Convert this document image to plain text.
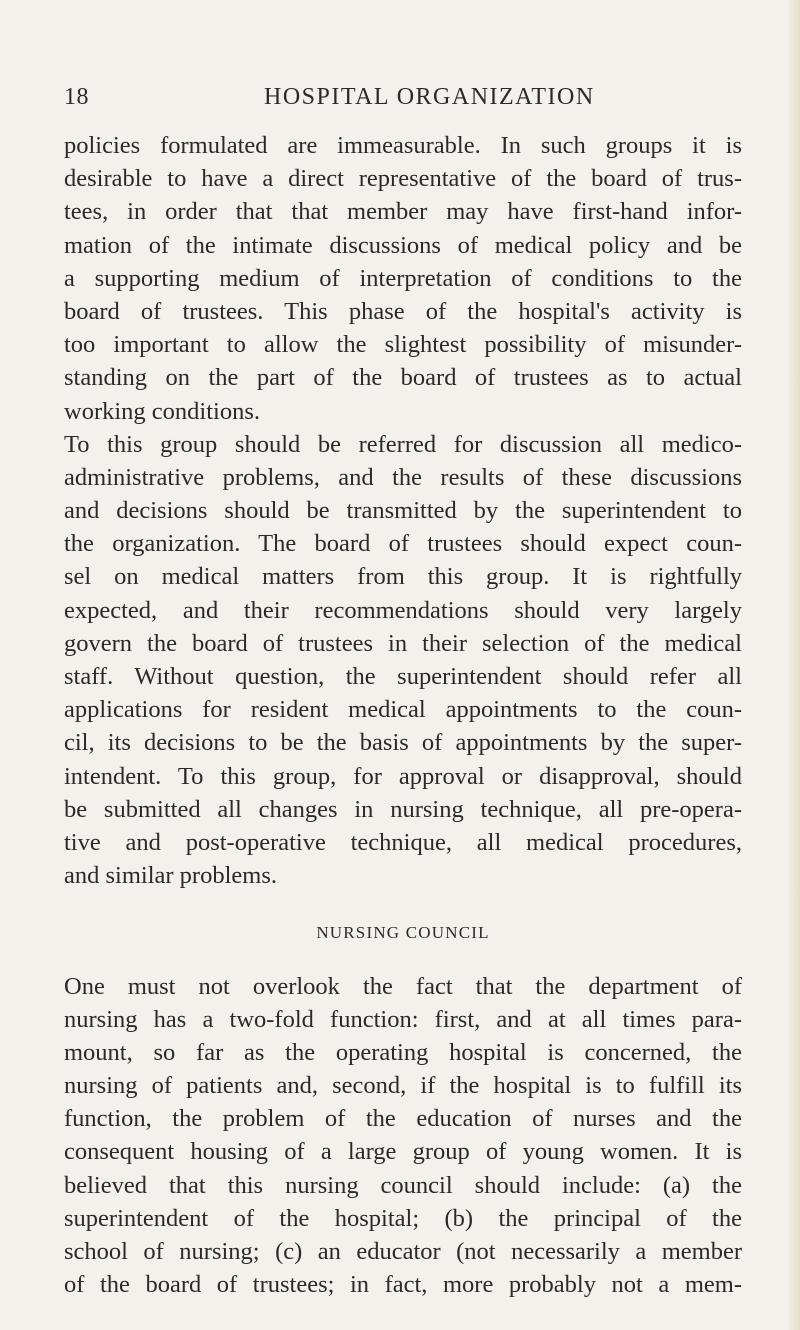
18	HOSPITAL ORGANIZATION
policies formulated are immeasurable. In such groups it is
desirable to have a direct representative of the board of trus-
tees, in order that that member may have first-hand infor-
mation of the intimate discussions of medical policy and be
a supporting medium of interpretation of conditions to the
board of trustees. This phase of the hospital's activity is
too important to allow the slightest possibility of misunder-
standing on the part of the board of trustees as to actual
working conditions.
To this group should be referred for discussion all medico-
administrative problems, and the results of these discussions
and decisions should be transmitted by the superintendent to
the organization. The board of trustees should expect coun-
sel on medical matters from this group. It is rightfully
expected, and their recommendations should very largely
govern the board of trustees in their selection of the medical
staff. Without question, the superintendent should refer all
applications for resident medical appointments to the coun-
cil, its decisions to be the basis of appointments by the super-
intendent. To this group, for approval or disapproval, should
be submitted all changes in nursing technique, all pre-opera-
tive and post-operative technique, all medical procedures,
and similar problems.
NURSING COUNCIL
One must not overlook the fact that the department of
nursing has a two-fold function: first, and at all times para-
mount, so far as the operating hospital is concerned, the
nursing of patients and, second, if the hospital is to fulfill its
function, the problem of the education of nurses and the
consequent housing of a large group of young women. It is
believed that this nursing council should include: (a) the
superintendent of the hospital; (b) the principal of the
school of nursing; (c) an educator (not necessarily a member
of the board of trustees; in fact, more probably not a mem-
